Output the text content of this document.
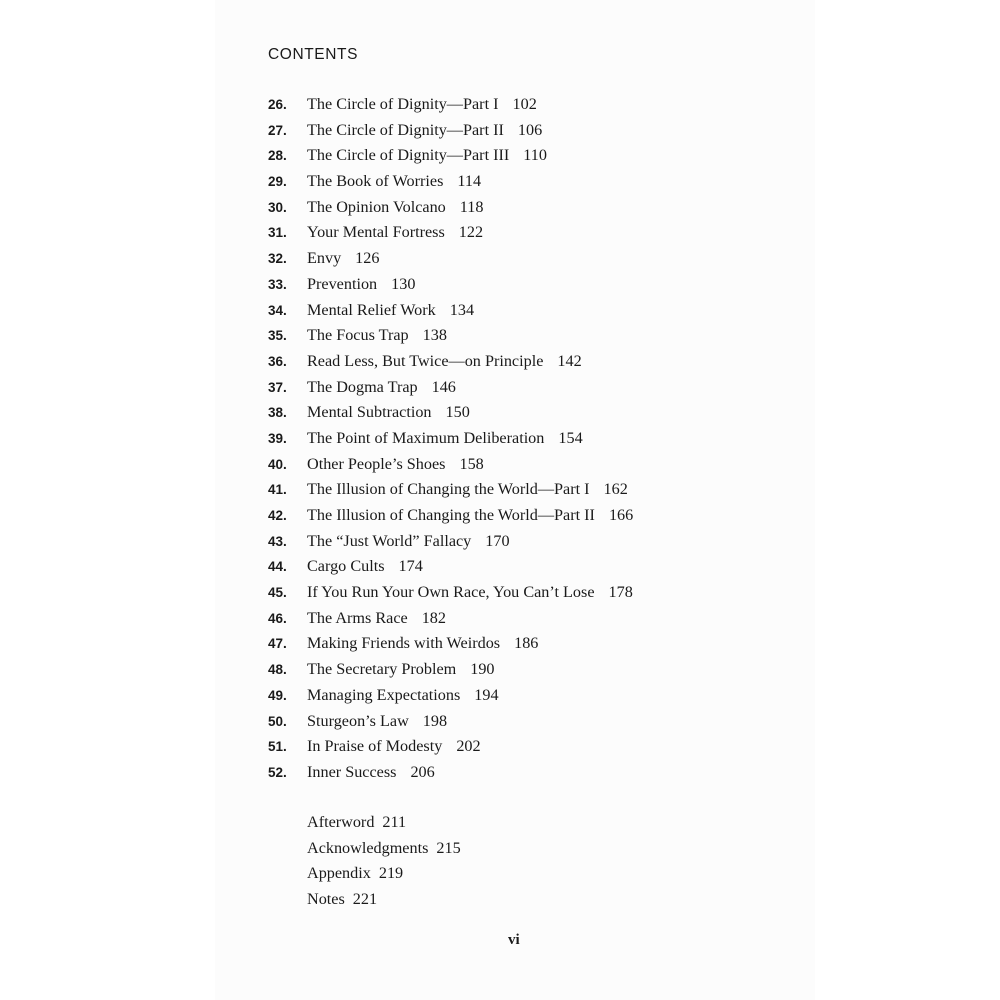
CONTENTS
26. The Circle of Dignity—Part I 102
27. The Circle of Dignity—Part II 106
28. The Circle of Dignity—Part III 110
29. The Book of Worries 114
30. The Opinion Volcano 118
31. Your Mental Fortress 122
32. Envy 126
33. Prevention 130
34. Mental Relief Work 134
35. The Focus Trap 138
36. Read Less, But Twice—on Principle 142
37. The Dogma Trap 146
38. Mental Subtraction 150
39. The Point of Maximum Deliberation 154
40. Other People’s Shoes 158
41. The Illusion of Changing the World—Part I 162
42. The Illusion of Changing the World—Part II 166
43. The “Just World” Fallacy 170
44. Cargo Cults 174
45. If You Run Your Own Race, You Can’t Lose 178
46. The Arms Race 182
47. Making Friends with Weirdos 186
48. The Secretary Problem 190
49. Managing Expectations 194
50. Sturgeon’s Law 198
51. In Praise of Modesty 202
52. Inner Success 206
Afterword 211
Acknowledgments 215
Appendix 219
Notes 221
vi
